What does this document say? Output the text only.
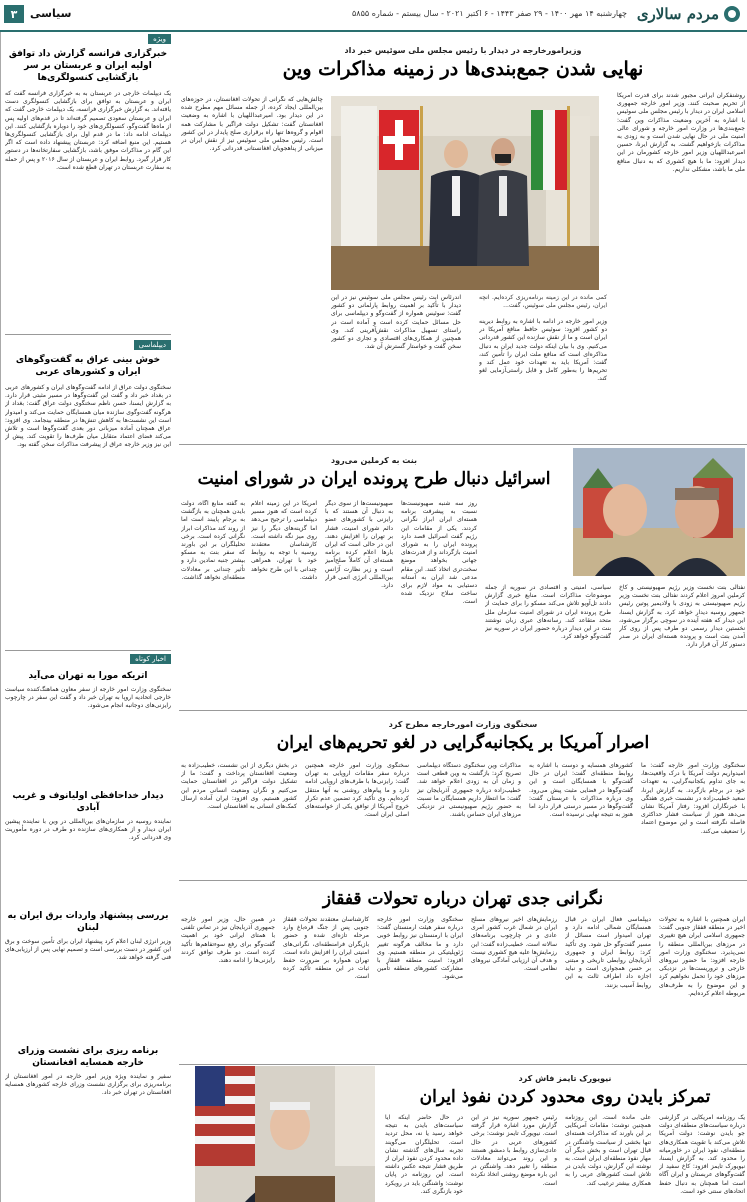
مردم سالاری
چهارشنبه ۱۴ مهر ۱۴۰۰ - ۲۹ صفر ۱۴۴۳ - ۶ اکتبر ۲۰۲۱ - سال بیستم - شماره ۵۸۵۵
سیاسی
۳
ویژه
خبرگزاری فرانسه گزارش داد توافق اولیه ایران و عربستان بر سر بازگشایی کنسولگری‌ها
یک دیپلمات خارجی در عربستان به به خبرگزاری فرانسه گفت که ایران و عربستان به توافق برای بازگشایی کنسولگری دست یافته‌اند. به گزارش خبرگزاری فرانسه، یک دیپلمات خارجی گفت که ایران و عربستان سعودی تصمیم گرفته‌اند تا در قدم‌های اولیه پس از ماه‌ها گفت‌وگو، کنسولگری‌های خود را دوباره بازگشایی کنند. این دیپلمات ادامه داد: ما در قدم اول برای بازگشایی کنسولگری‌ها هستیم. این منبع اضافه کرد: عربستان پیشنهاد داده است که اگر این گام در مذاکرات موفق باشد، بازگشایی سفارتخانه‌ها در دستور کار قرار گیرد. روابط ایران و عربستان از سال ۲۰۱۶ و پس از حمله به سفارت عربستان در تهران قطع شده است.
دیپلماسی
خوش بینی عراق به گفت‌وگوهای ایران و کشورهای عربی
سخنگوی دولت عراق از ادامه گفت‌وگوهای ایران و کشورهای عربی در بغداد خبر داد و گفت این گفت‌وگوها در مسیر مثبتی قرار دارد. به گزارش ایسنا، حسن ناظم سخنگوی دولت عراق گفت: بغداد از هرگونه گفت‌وگوی سازنده میان همسایگان حمایت می‌کند و امیدوار است این نشست‌ها به کاهش تنش‌ها در منطقه بینجامد. وی افزود: عراق همچنان آماده میزبانی دور بعدی گفت‌وگوها است و تلاش می‌کند فضای اعتماد متقابل میان طرف‌ها را تقویت کند. پیش از این نیز وزیر خارجه عراق از پیشرفت مذاکرات سخن گفته بود.
اخبار کوتاه
اتریکه مورا به تهران می‌آید
سخنگوی وزارت امور خارجه از سفر معاون هماهنگ‌کننده سیاست خارجی اتحادیه اروپا به تهران خبر داد و گفت این سفر در چارچوب رایزنی‌های دوجانبه انجام می‌شود.
دیدار خداحافظی اولیانوف و غریب آبادی
نماینده روسیه در سازمان‌های بین‌المللی در وین با نماینده پیشین ایران دیدار و از همکاری‌های سازنده دو طرف در دوره مأموریت وی قدردانی کرد.
بررسی پیشنهاد واردات برق ایران به لبنان
وزیر انرژی لبنان اعلام کرد پیشنهاد ایران برای تأمین سوخت و برق این کشور در دست بررسی است و تصمیم نهایی پس از ارزیابی‌های فنی گرفته خواهد شد.
برنامه ریزی برای نشست وزرای خارجه همسایه افغانستان
سفیر و نماینده ویژه وزیر امور خارجه در امور افغانستان از برنامه‌ریزی برای برگزاری نشست وزرای خارجه کشورهای همسایه افغانستان در تهران خبر داد.
وزیرامورخارجه در دیدار با رئیس مجلس ملی سوئیس خبر داد
نهایی شدن جمع‌بندی‌ها در زمینه مذاکرات وین
روشنفکران ایرانی مجبور شدند برای قدرت آمریکا از تحریم صحبت کنند. وزیر امور خارجه جمهوری اسلامی ایران در دیدار با رئیس مجلس ملی سوئیس با اشاره به آخرین وضعیت مذاکرات وین گفت: جمع‌بندی‌ها در وزارت امور خارجه و شورای عالی امنیت ملی در حال نهایی شدن است و به زودی به مذاکرات بازخواهیم گشت. به گزارش ایرنا، حسین امیرعبداللهیان وزیر امور خارجه کشورمان در این دیدار افزود: ما با هیچ کشوری که به دنبال منافع ملی ما باشد، مشکلی نداریم.
چالش‌هایی که نگرانی از تحولات افغانستان، در حوزه‌های بین‌المللی ایجاد کرده، از جمله مسائل مهم مطرح شده در این دیدار بود. امیرعبداللهیان با اشاره به وضعیت افغانستان گفت: تشکیل دولت فراگیر با مشارکت همه اقوام و گروه‌ها تنها راه برقراری صلح پایدار در این کشور است. رئیس مجلس ملی سوئیس نیز از نقش ایران در میزبانی از پناهجویان افغانستانی قدردانی کرد.
کمی مانده در این زمینه برنامه‌ریزی کرده‌ایم. آنچه ایران، رئیس مجلس ملی سوئیس، گفت...
وزیر امور خارجه در ادامه با اشاره به روابط دیرینه دو کشور افزود: سوئیس حافظ منافع آمریکا در ایران است و ما از نقش سازنده این کشور قدردانی می‌کنیم. وی با بیان اینکه دولت جدید ایران به دنبال مذاکره‌ای است که منافع ملت ایران را تأمین کند، گفت: آمریکا باید به تعهدات خود عمل کند و تحریم‌ها را به‌طور کامل و قابل راستی‌آزمایی لغو کند.
آندرئاس آبت رئیس مجلس ملی سوئیس نیز در این دیدار با تأکید بر اهمیت روابط پارلمانی دو کشور گفت: سوئیس همواره از گفت‌وگو و دیپلماسی برای حل مسائل حمایت کرده است و آماده است در راستای تسهیل مذاکرات نقش‌آفرینی کند. وی همچنین از همکاری‌های اقتصادی و تجاری دو کشور سخن گفت و خواستار گسترش آن شد.
بنت به کرملین می‌رود
اسرائیل دنبال طرح پرونده ایران در شورای امنیت
نفتالی بنت نخست وزیر رژیم صهیونیستی و کاخ کرملین امروز اعلام کردند نفتالی بنت نخست وزیر رژیم صهیونیستی به زودی با ولادیمیر پوتین رئیس جمهور روسیه دیدار خواهد کرد. به گزارش ایسنا، این دیدار که هفته آینده در سوچی برگزار می‌شود، نخستین دیدار رسمی دو طرف پس از روی کار آمدن بنت است و پرونده هسته‌ای ایران در صدر دستور کار آن قرار دارد.
سیاسی، امنیتی و اقتصادی در سوریه از جمله موضوعات مذاکرات است. منابع خبری گزارش دادند تل‌آویو تلاش می‌کند مسکو را برای حمایت از طرح پرونده ایران در شورای امنیت سازمان ملل متحد متقاعد کند. رسانه‌های عبری زبان نوشتند بنت در این دیدار درباره حضور ایران در سوریه نیز گفت‌وگو خواهد کرد.
روز سه شنبه صهیونیست‌ها نسبت به پیشرفت برنامه هسته‌ای ایران ابراز نگرانی کردند. یکی از مقامات این رژیم گفت اسرائیل قصد دارد پرونده ایران را به شورای امنیت بازگرداند و از قدرت‌های جهانی بخواهد موضع سخت‌تری اتخاذ کنند. این مقام مدعی شد ایران به آستانه دستیابی به مواد لازم برای ساخت سلاح نزدیک شده است.
صهیونیست‌ها از سوی دیگر به دنبال آن هستند که با رایزنی با کشورهای عضو دائم شورای امنیت، فشار بر تهران را افزایش دهند. این در حالی است که ایران بارها اعلام کرده برنامه هسته‌ای آن کاملاً صلح‌آمیز است و زیر نظارت آژانس بین‌المللی انرژی اتمی قرار دارد.
آمریکا در این زمینه اعلام کرده است که هنوز مسیر دیپلماسی را ترجیح می‌دهد اما گزینه‌های دیگر را نیز روی میز نگه داشته است. کارشناسان معتقدند روسیه با توجه به روابط خود با تهران، همراهی چندانی با این طرح نخواهد داشت.
به گفته منابع آگاه، دولت بایدن همچنان به بازگشت به برجام پایبند است اما از روند کند مذاکرات ابراز نگرانی کرده است. برخی تحلیلگران بر این باورند که سفر بنت به مسکو بیشتر جنبه نمادین دارد و تأثیر چندانی بر معادلات منطقه‌ای نخواهد گذاشت.
سخنگوی وزارت امورخارجه مطرح کرد
اصرار آمریکا بر یکجانبه‌گرایی در لغو تحریم‌های ایران
سخنگوی وزارت امور خارجه گفت: ما امیدواریم دولت آمریکا با درک واقعیت‌ها، به جای تداوم یکجانبه‌گرایی، به تعهدات خود در برجام بازگردد. به گزارش ایرنا، سعید خطیب‌زاده در نشست خبری هفتگی با خبرنگاران افزود: رفتار آمریکا نشان می‌دهد هنوز از سیاست فشار حداکثری فاصله نگرفته است و این موضوع اعتماد را تضعیف می‌کند.
کشورهای همسایه و دوست با اشاره به روابط منطقه‌ای گفت: ایران در حال گفت‌وگو با همسایگان است و این گفت‌وگوها در فضایی مثبت پیش می‌رود. وی درباره مذاکرات با عربستان گفت: گفت‌وگوها در مسیر درستی قرار دارد اما هنوز به نتیجه نهایی نرسیده است.
مذاکرات وین سخنگوی دستگاه دیپلماسی تصریح کرد: بازگشت به وین قطعی است و زمان آن به زودی اعلام خواهد شد. خطیب‌زاده درباره جمهوری آذربایجان نیز گفت: ما انتظار داریم همسایگان ما نسبت به حضور رژیم صهیونیستی در نزدیکی مرزهای ایران حساس باشند.
سخنگوی وزارت امور خارجه همچنین درباره سفر مقامات اروپایی به تهران گفت: رایزنی‌ها با طرف‌های اروپایی ادامه دارد و ما پیام‌های روشنی به آنها منتقل کرده‌ایم. وی تأکید کرد تضمین عدم تکرار خروج آمریکا از توافق یکی از خواسته‌های اصلی ایران است.
در بخش دیگری از این نشست، خطیب‌زاده به وضعیت افغانستان پرداخت و گفت: ما از تشکیل دولت فراگیر در افغانستان حمایت می‌کنیم و نگران وضعیت انسانی مردم این کشور هستیم. وی افزود: ایران آماده ارسال کمک‌های انسانی به افغانستان است.
نگرانی جدی تهران درباره تحولات قفقاز
ایران همچنین با اشاره به تحولات اخیر در منطقه قفقاز جنوبی گفت: جمهوری اسلامی ایران هیچ تغییری در مرزهای بین‌المللی منطقه را نمی‌پذیرد. سخنگوی وزارت امور خارجه افزود: ما حضور نیروهای خارجی و تروریست‌ها در نزدیکی مرزهای خود را تحمل نخواهیم کرد و این موضوع را به طرف‌های مربوطه اعلام کرده‌ایم.
دیپلماسی فعال ایران در قبال همسایگان شمالی ادامه دارد و تهران امیدوار است مسائل از مسیر گفت‌وگو حل شود. وی تأکید کرد: روابط ایران و جمهوری آذربایجان روابطی تاریخی و مبتنی بر حسن همجواری است و نباید اجازه داد اطراف ثالث به این روابط آسیب بزنند.
رزمایش‌های اخیر نیروهای مسلح ایران در شمال غرب کشور امری عادی و در چارچوب برنامه‌های سالانه است. خطیب‌زاده گفت: این رزمایش‌ها علیه هیچ کشوری نیست و هدف آن ارزیابی آمادگی نیروهای نظامی است.
سخنگوی وزارت امور خارجه درباره سفر هیئت ارمنستان گفت: ایران با ارمنستان نیز روابط خوبی دارد و ما مخالف هرگونه تغییر ژئوپلیتیکی در منطقه هستیم. وی افزود: امنیت منطقه قفقاز با مشارکت کشورهای منطقه تأمین می‌شود.
کارشناسان معتقدند تحولات قفقاز جنوبی پس از جنگ قره‌باغ وارد مرحله تازه‌ای شده و حضور بازیگران فرامنطقه‌ای، نگرانی‌های امنیتی ایران را افزایش داده است. تهران همواره بر ضرورت حفظ ثبات در این منطقه تأکید کرده است.
در همین حال، وزیر امور خارجه جمهوری آذربایجان نیز در تماس تلفنی با همتای ایرانی خود بر اهمیت گفت‌وگو برای رفع سوءتفاهم‌ها تأکید کرده است. دو طرف توافق کردند رایزنی‌ها را ادامه دهند.
نیویورک تایمز فاش کرد
تمرکز بایدن روی محدود کردن نفوذ ایران
یک روزنامه آمریکایی در گزارشی درباره سیاست‌های منطقه‌ای دولت جو بایدن نوشت: دولت آمریکا تلاش می‌کند با تقویت همکاری‌های منطقه‌ای، نفوذ ایران در خاورمیانه را محدود کند. به گزارش ایسنا، نیویورک تایمز افزود: کاخ سفید از گفت‌وگوهای عربستان و ایران آگاه است اما همچنان به دنبال حفظ اتحادهای سنتی خود است.
علی مانده است. این روزنامه همچنین نوشت: مقامات آمریکایی بر این باورند که مذاکرات هسته‌ای تنها بخشی از سیاست واشنگتن در قبال تهران است و بخش دیگر آن مهار نفوذ منطقه‌ای ایران است. به نوشته این گزارش، دولت بایدن در تلاش است کشورهای عربی را به همکاری بیشتر ترغیب کند.
رئیس جمهور سوریه نیز در این گزارش مورد اشاره قرار گرفته است. نیویورک تایمز نوشت: برخی کشورهای عربی در حال عادی‌سازی روابط با دمشق هستند و این روند می‌تواند معادلات منطقه را تغییر دهد. واشنگتن در این باره موضع روشنی اتخاذ نکرده است.
در حال حاضر اینکه آیا سیاست‌های بایدن به نتیجه خواهد رسید یا نه، محل تردید است. تحلیلگران می‌گویند تجربه سال‌های گذشته نشان داده محدود کردن نفوذ ایران از طریق فشار نتیجه عکس داشته است. این روزنامه در پایان نوشت: واشنگتن باید در رویکرد خود بازنگری کند.
